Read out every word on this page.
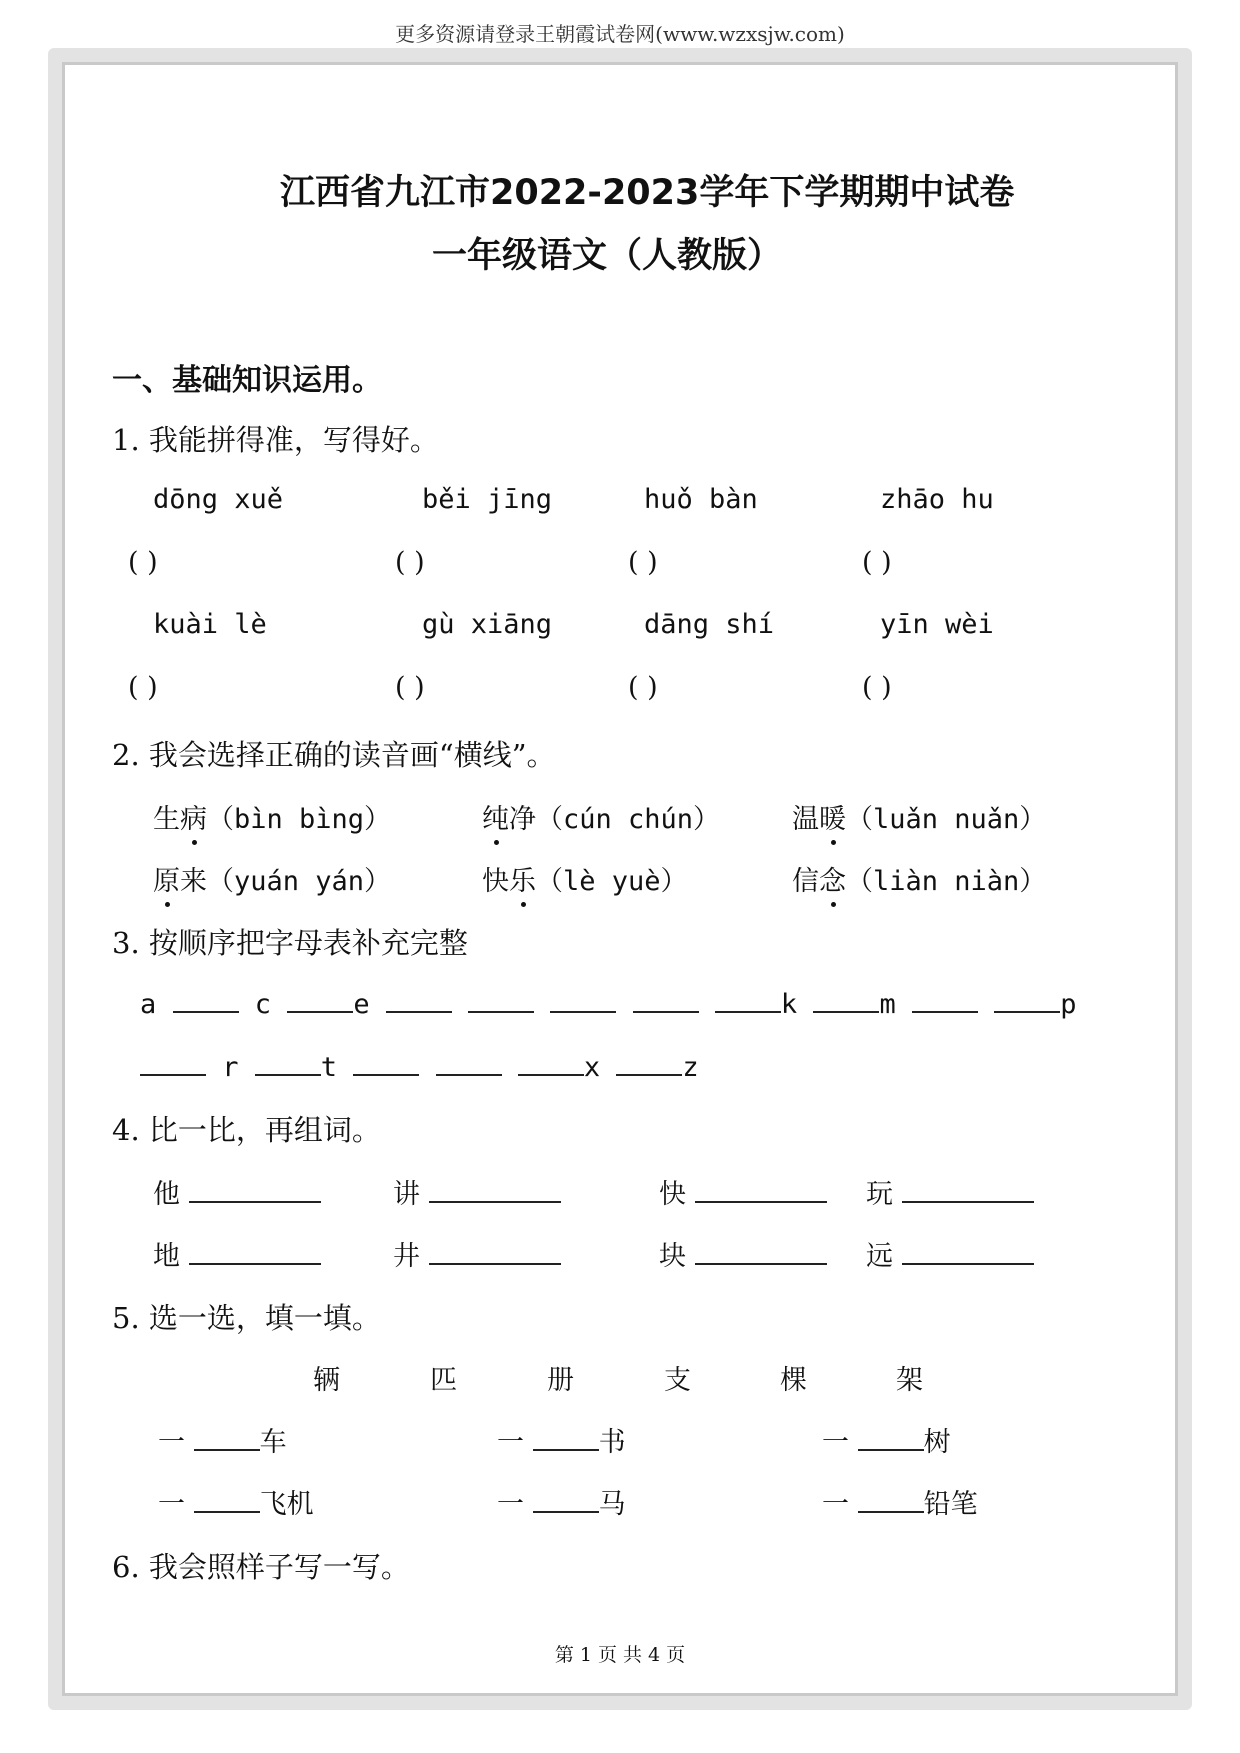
更多资源请登录王朝霞试卷网(www.wzxsjw.com)
江西省九江市2022-2023学年下学期期中试卷
一年级语文（人教版）
一、基础知识运用。
1. 我能拼得准，写得好。
dōng xuě	běi jīng	huǒ bàn	zhāo hu
( )	( )	( )	( )
kuài lè	gù xiāng	dāng shí	yīn wèi
( )	( )	( )	( )
2. 我会选择正确的读音画“横线”。
生病（bìn bìng）	纯净（cún chún）	温暖（luǎn nuǎn）
原来（yuán yán）	快乐（lè yuè）	信念（liàn niàn）
3. 按顺序把字母表补充完整
a	c	e	k	m	p
r	t	x	z
4. 比一比，再组词。
他	讲	快	玩
地	井	块	远
5. 选一选，填一填。
辆	匹	册	支	棵	架
一	车	一	书	一	树
一	飞机	一	马	一	铅笔
6. 我会照样子写一写。
第 1 页 共 4 页
